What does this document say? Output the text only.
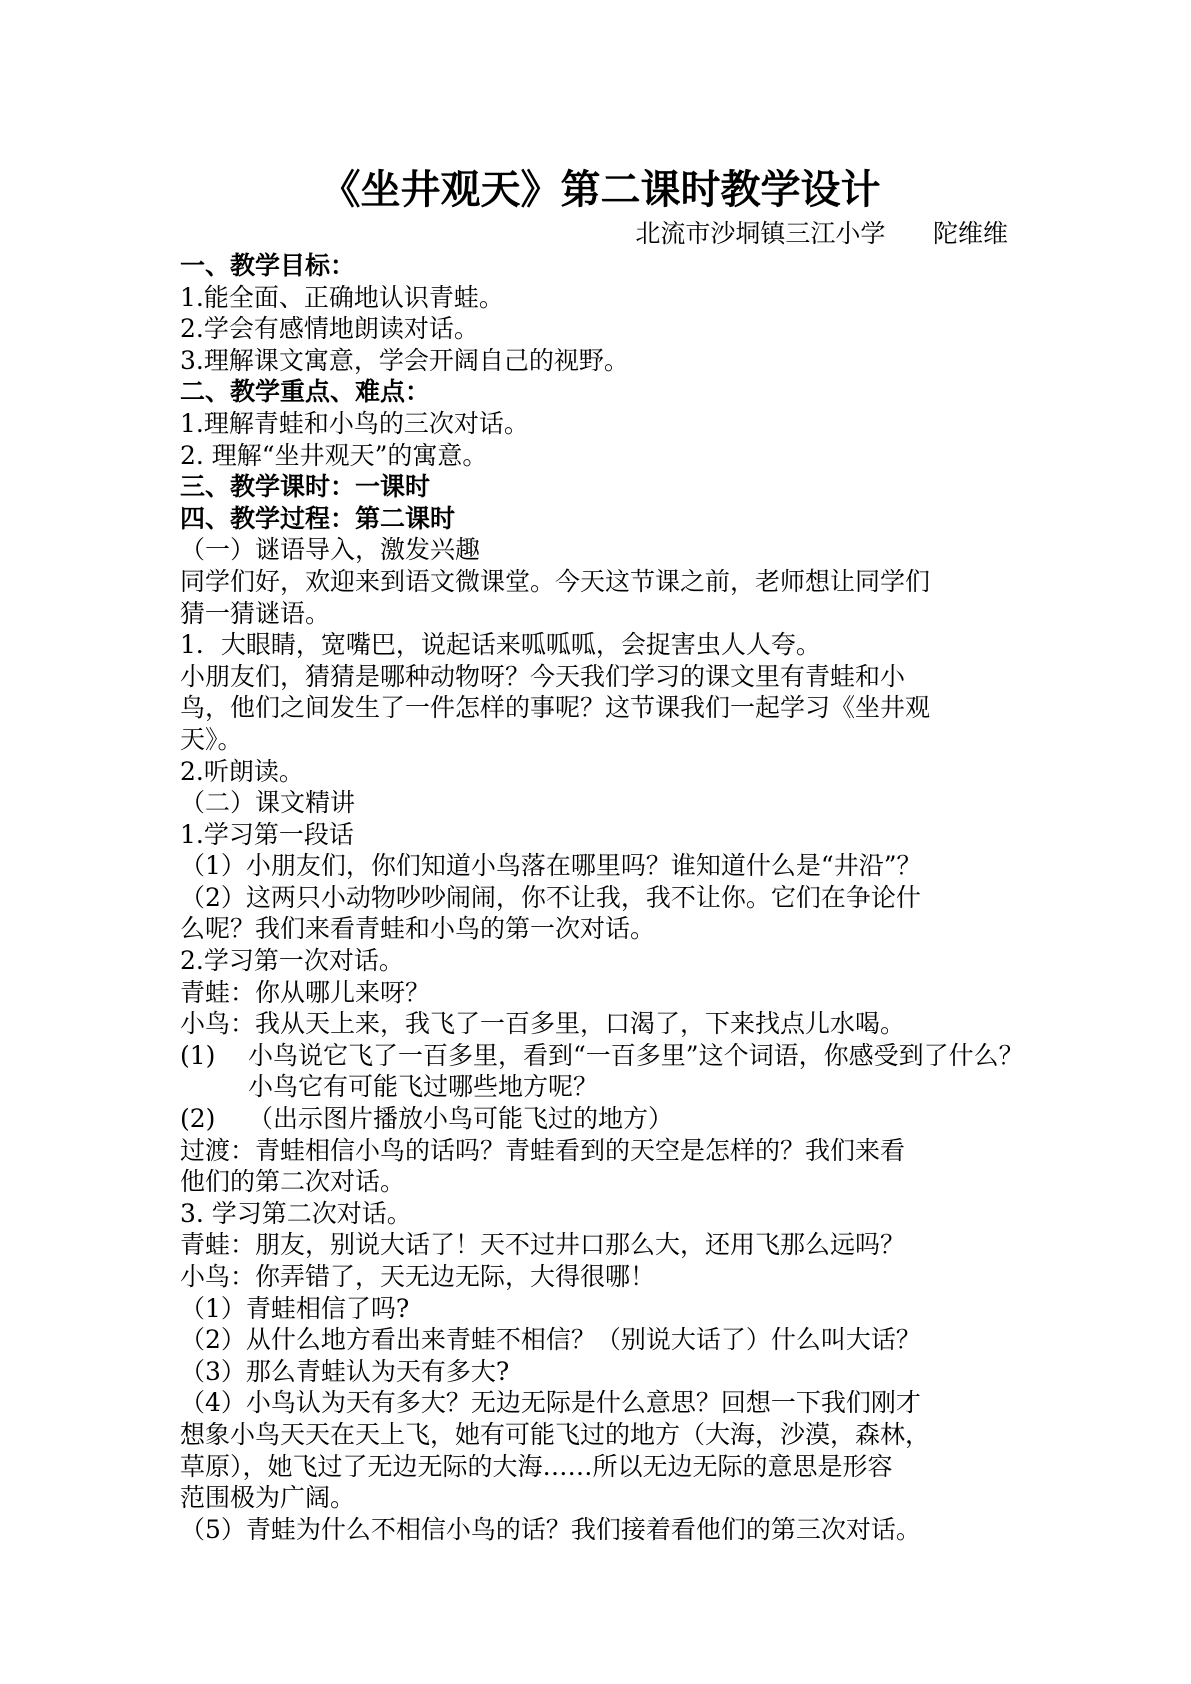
《坐井观天》第二课时教学设计
北流市沙垌镇三江小学      陀维维

一、教学目标：

1.能全面、正确地认识青蛙。

2.学会有感情地朗读对话。

3.理解课文寓意，学会开阔自己的视野。

二、教学重点、难点：

1.理解青蛙和小鸟的三次对话。

2. 理解“坐井观天”的寓意。

三、教学课时：一课时

四、教学过程：第二课时

（一）谜语导入，激发兴趣

同学们好，欢迎来到语文微课堂。今天这节课之前，老师想让同学们

猜一猜谜语。

1．大眼睛，宽嘴巴，说起话来呱呱呱，会捉害虫人人夸。

小朋友们，猜猜是哪种动物呀？今天我们学习的课文里有青蛙和小

鸟，他们之间发生了一件怎样的事呢？这节课我们一起学习《坐井观

天》。

2.听朗读。

（二）课文精讲

1.学习第一段话

（1）小朋友们，你们知道小鸟落在哪里吗？谁知道什么是“井沿”？

（2）这两只小动物吵吵闹闹，你不让我，我不让你。它们在争论什

么呢？我们来看青蛙和小鸟的第一次对话。

2.学习第一次对话。

青蛙：你从哪儿来呀？

小鸟：我从天上来，我飞了一百多里，口渴了，下来找点儿水喝。

(1) 小鸟说它飞了一百多里，看到“一百多里”这个词语，你感受到了什么？小鸟它有可能飞过哪些地方呢？

(2) （出示图片播放小鸟可能飞过的地方）

过渡：青蛙相信小鸟的话吗？青蛙看到的天空是怎样的？我们来看

他们的第二次对话。

3. 学习第二次对话。

青蛙：朋友，别说大话了！天不过井口那么大，还用飞那么远吗？

小鸟：你弄错了，天无边无际，大得很哪！

（1）青蛙相信了吗?

（2）从什么地方看出来青蛙不相信？（别说大话了）什么叫大话？

（3）那么青蛙认为天有多大?

（4）小鸟认为天有多大？无边无际是什么意思？回想一下我们刚才

想象小鸟天天在天上飞，她有可能飞过的地方（大海，沙漠，森林，

草原），她飞过了无边无际的大海……所以无边无际的意思是形容

范围极为广阔。

（5）青蛙为什么不相信小鸟的话？我们接着看他们的第三次对话。
